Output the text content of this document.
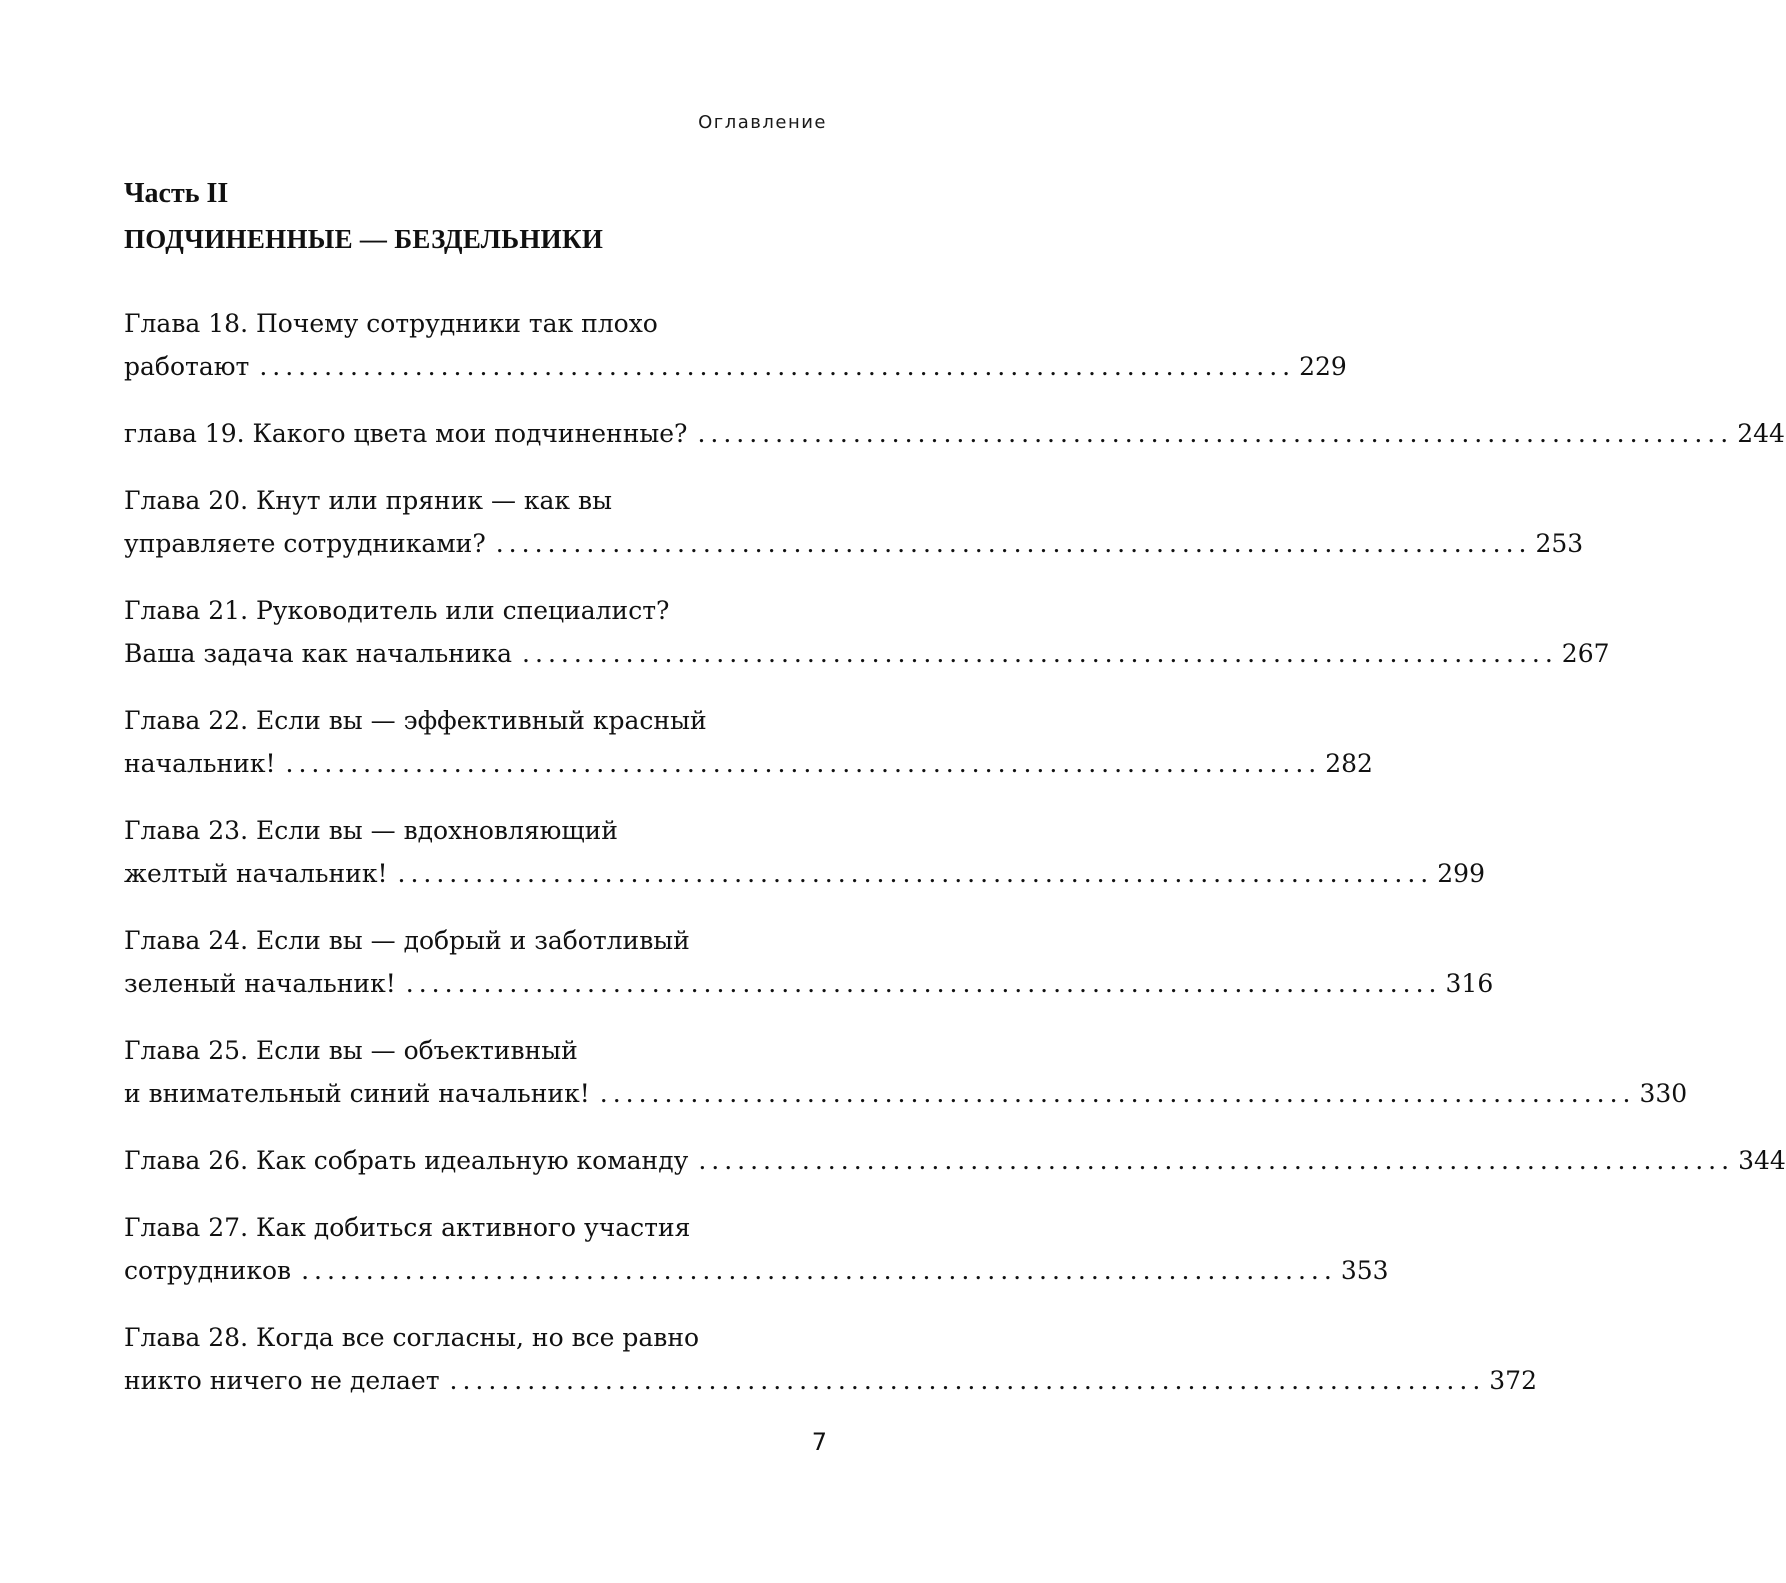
Оглавление
Часть II
ПОДЧИНЕННЫЕ — БЕЗДЕЛЬНИКИ
Глава 18. Почему сотрудники так плохо
работают ................................................................................ 229
глава 19. Какого цвета мои подчиненные? ................................................................................ 244
Глава 20. Кнут или пряник — как вы
управляете сотрудниками? ................................................................................ 253
Глава 21. Руководитель или специалист?
Ваша задача как начальника ................................................................................ 267
Глава 22. Если вы — эффективный красный
начальник! ................................................................................ 282
Глава 23. Если вы — вдохновляющий
желтый начальник! ................................................................................ 299
Глава 24. Если вы — добрый и заботливый
зеленый начальник! ................................................................................ 316
Глава 25. Если вы — объективный
и внимательный синий начальник! ................................................................................ 330
Глава 26. Как собрать идеальную команду ................................................................................ 344
Глава 27. Как добиться активного участия
сотрудников ................................................................................ 353
Глава 28. Когда все согласны, но все равно
никто ничего не делает ................................................................................ 372
7
